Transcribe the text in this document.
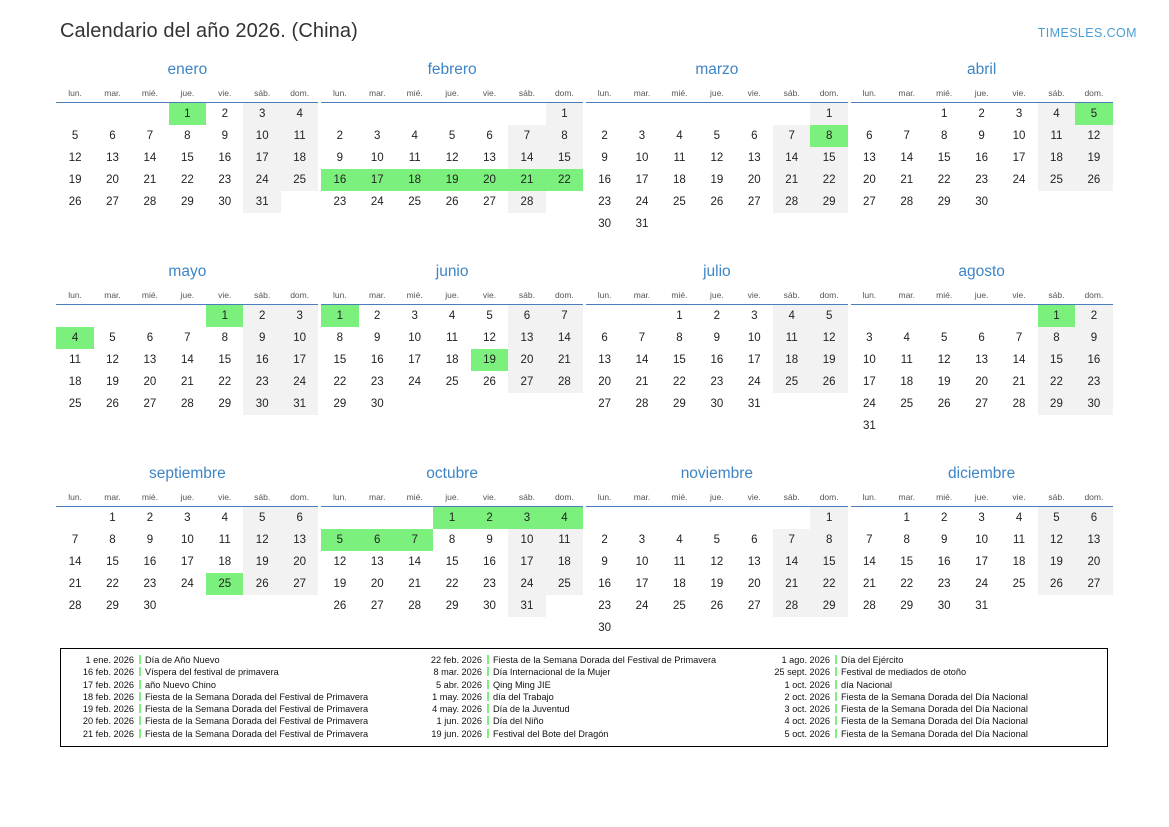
Calendario del año 2026. (China)	TIMESLES.COM
enero
lun.	mar.	mié.	jue.	vie.	sáb.	dom.

			1	2	3	4

5	6	7	8	9	10	11

12	13	14	15	16	17	18

19	20	21	22	23	24	25

26	27	28	29	30	31	

febrero
lun.	mar.	mié.	jue.	vie.	sáb.	dom.

						1

2	3	4	5	6	7	8

9	10	11	12	13	14	15

16	17	18	19	20	21	22

23	24	25	26	27	28	

marzo
lun.	mar.	mié.	jue.	vie.	sáb.	dom.

						1

2	3	4	5	6	7	8

9	10	11	12	13	14	15

16	17	18	19	20	21	22

23	24	25	26	27	28	29

30	31					

abril
lun.	mar.	mié.	jue.	vie.	sáb.	dom.

		1	2	3	4	5

6	7	8	9	10	11	12

13	14	15	16	17	18	19

20	21	22	23	24	25	26

27	28	29	30			

mayo
lun.	mar.	mié.	jue.	vie.	sáb.	dom.

				1	2	3

4	5	6	7	8	9	10

11	12	13	14	15	16	17

18	19	20	21	22	23	24

25	26	27	28	29	30	31
junio
lun.	mar.	mié.	jue.	vie.	sáb.	dom.

1	2	3	4	5	6	7

8	9	10	11	12	13	14

15	16	17	18	19	20	21

22	23	24	25	26	27	28

29	30					

julio
lun.	mar.	mié.	jue.	vie.	sáb.	dom.

		1	2	3	4	5

6	7	8	9	10	11	12

13	14	15	16	17	18	19

20	21	22	23	24	25	26

27	28	29	30	31		

agosto
lun.	mar.	mié.	jue.	vie.	sáb.	dom.

					1	2

3	4	5	6	7	8	9

10	11	12	13	14	15	16

17	18	19	20	21	22	23

24	25	26	27	28	29	30

31						

septiembre
lun.	mar.	mié.	jue.	vie.	sáb.	dom.

	1	2	3	4	5	6

7	8	9	10	11	12	13

14	15	16	17	18	19	20

21	22	23	24	25	26	27

28	29	30				

octubre
lun.	mar.	mié.	jue.	vie.	sáb.	dom.

			1	2	3	4

5	6	7	8	9	10	11

12	13	14	15	16	17	18

19	20	21	22	23	24	25

26	27	28	29	30	31	

noviembre
lun.	mar.	mié.	jue.	vie.	sáb.	dom.

						1

2	3	4	5	6	7	8

9	10	11	12	13	14	15

16	17	18	19	20	21	22

23	24	25	26	27	28	29

30						

diciembre
lun.	mar.	mié.	jue.	vie.	sáb.	dom.

	1	2	3	4	5	6

7	8	9	10	11	12	13

14	15	16	17	18	19	20

21	22	23	24	25	26	27

28	29	30	31			

1 ene. 2026	Día de Año Nuevo
16 feb. 2026	Víspera del festival de primavera
17 feb. 2026	año Nuevo Chino
18 feb. 2026	Fiesta de la Semana Dorada del Festival de Primavera
19 feb. 2026	Fiesta de la Semana Dorada del Festival de Primavera
20 feb. 2026	Fiesta de la Semana Dorada del Festival de Primavera
21 feb. 2026	Fiesta de la Semana Dorada del Festival de Primavera
22 feb. 2026	Fiesta de la Semana Dorada del Festival de Primavera
8 mar. 2026	Día Internacional de la Mujer
5 abr. 2026	Qing Ming JIE
1 may. 2026	día del Trabajo
4 may. 2026	Día de la Juventud
1 jun. 2026	Día del Niño
19 jun. 2026	Festival del Bote del Dragón
1 ago. 2026	Día del Ejército
25 sept. 2026	Festival de mediados de otoño
1 oct. 2026	día Nacional
2 oct. 2026	Fiesta de la Semana Dorada del Día Nacional
3 oct. 2026	Fiesta de la Semana Dorada del Día Nacional
4 oct. 2026	Fiesta de la Semana Dorada del Día Nacional
5 oct. 2026	Fiesta de la Semana Dorada del Día Nacional
